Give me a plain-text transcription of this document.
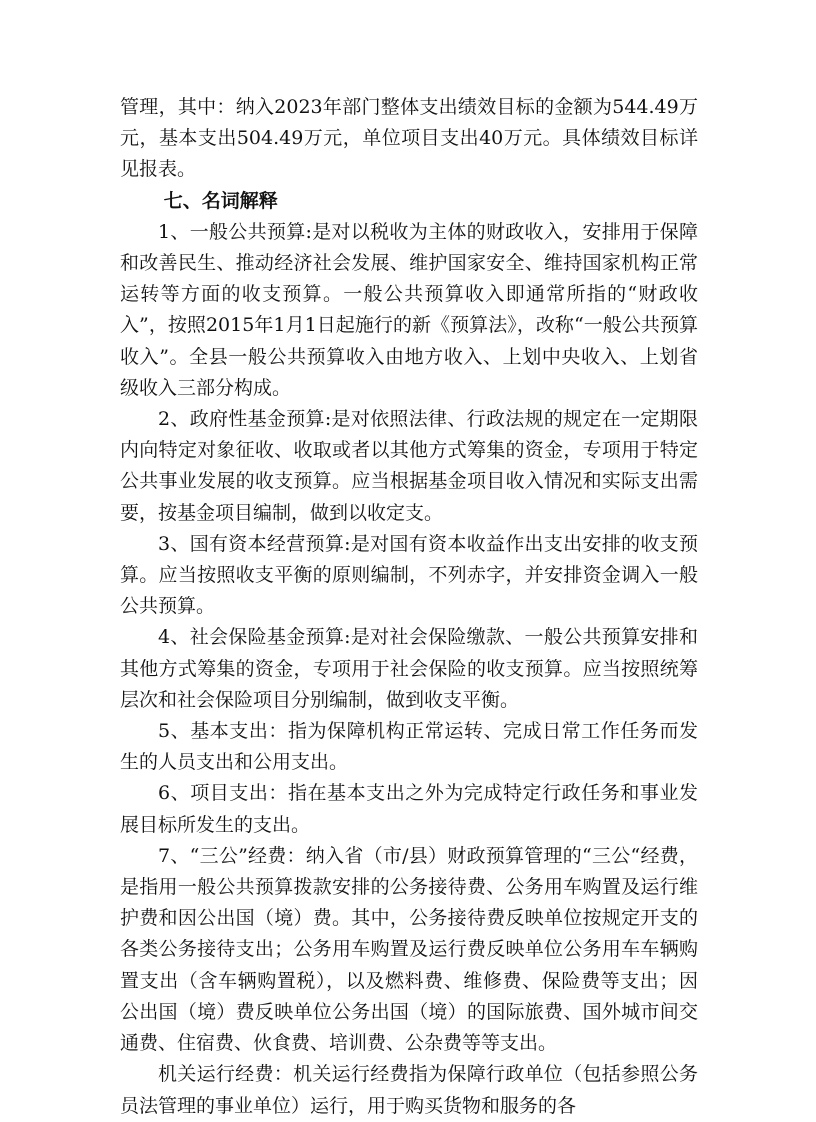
管理，其中：纳入2023年部门整体支出绩效目标的金额为544.49万元，基本支出504.49万元，单位项目支出40万元。具体绩效目标详见报表。

七、名词解释

1、一般公共预算:是对以税收为主体的财政收入，安排用于保障和改善民生、推动经济社会发展、维护国家安全、维持国家机构正常运转等方面的收支预算。一般公共预算收入即通常所指的“财政收入”，按照2015年1月1日起施行的新《预算法》，改称“一般公共预算收入”。全县一般公共预算收入由地方收入、上划中央收入、上划省级收入三部分构成。

2、政府性基金预算:是对依照法律、行政法规的规定在一定期限内向特定对象征收、收取或者以其他方式筹集的资金，专项用于特定公共事业发展的收支预算。应当根据基金项目收入情况和实际支出需要，按基金项目编制，做到以收定支。

3、国有资本经营预算:是对国有资本收益作出支出安排的收支预算。应当按照收支平衡的原则编制，不列赤字，并安排资金调入一般公共预算。

4、社会保险基金预算:是对社会保险缴款、一般公共预算安排和其他方式筹集的资金，专项用于社会保险的收支预算。应当按照统筹层次和社会保险项目分别编制，做到收支平衡。

5、基本支出：指为保障机构正常运转、完成日常工作任务而发生的人员支出和公用支出。

6、项目支出：指在基本支出之外为完成特定行政任务和事业发展目标所发生的支出。

7、“三公”经费：纳入省（市/县）财政预算管理的“三公“经费，是指用一般公共预算拨款安排的公务接待费、公务用车购置及运行维护费和因公出国（境）费。其中，公务接待费反映单位按规定开支的各类公务接待支出；公务用车购置及运行费反映单位公务用车车辆购置支出（含车辆购置税），以及燃料费、维修费、保险费等支出；因公出国（境）费反映单位公务出国（境）的国际旅费、国外城市间交通费、住宿费、伙食费、培训费、公杂费等等支出。

机关运行经费：机关运行经费指为保障行政单位（包括参照公务员法管理的事业单位）运行，用于购买货物和服务的各
